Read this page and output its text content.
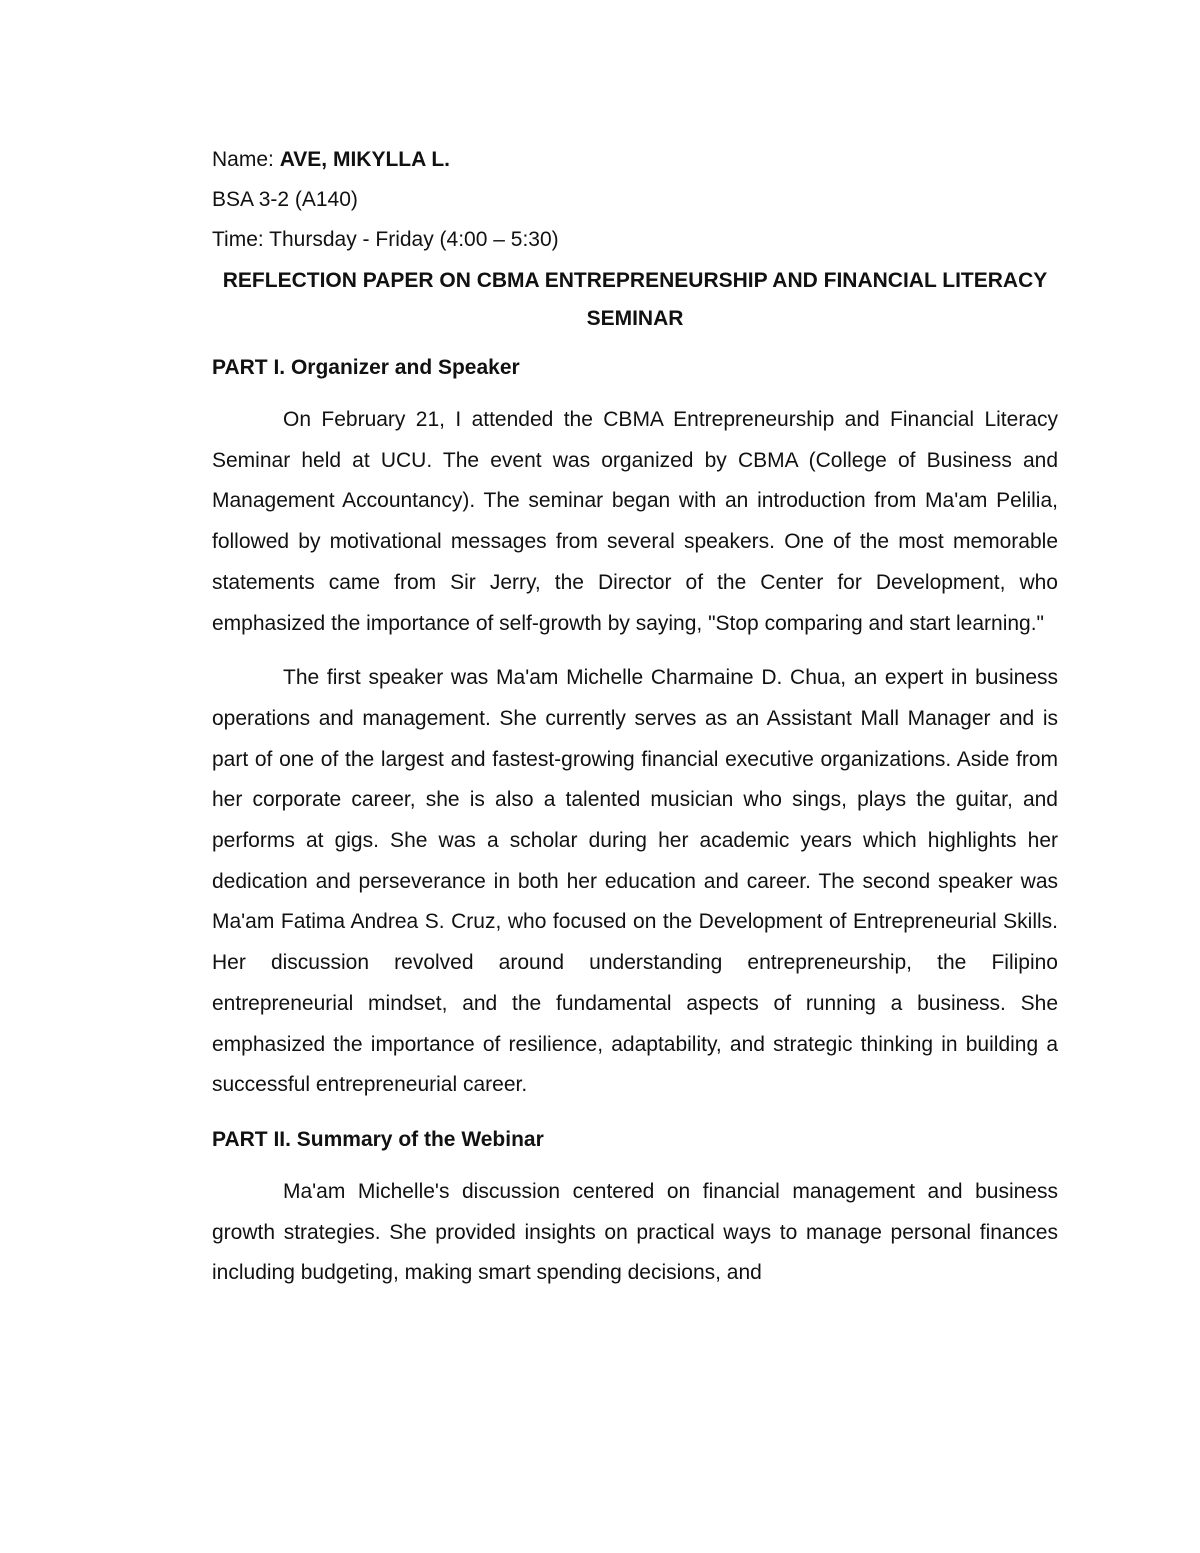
Name: AVE, MIKYLLA L.
BSA 3-2 (A140)
Time: Thursday - Friday (4:00 – 5:30)
REFLECTION PAPER ON CBMA ENTREPRENEURSHIP AND FINANCIAL LITERACY SEMINAR
PART I. Organizer and Speaker

On February 21, I attended the CBMA Entrepreneurship and Financial Literacy Seminar held at UCU. The event was organized by CBMA (College of Business and Management Accountancy). The seminar began with an introduction from Ma'am Pelilia, followed by motivational messages from several speakers. One of the most memorable statements came from Sir Jerry, the Director of the Center for Development, who emphasized the importance of self-growth by saying, "Stop comparing and start learning."

The first speaker was Ma'am Michelle Charmaine D. Chua, an expert in business operations and management. She currently serves as an Assistant Mall Manager and is part of one of the largest and fastest-growing financial executive organizations. Aside from her corporate career, she is also a talented musician who sings, plays the guitar, and performs at gigs. She was a scholar during her academic years which highlights her dedication and perseverance in both her education and career. The second speaker was Ma'am Fatima Andrea S. Cruz, who focused on the Development of Entrepreneurial Skills. Her discussion revolved around understanding entrepreneurship, the Filipino entrepreneurial mindset, and the fundamental aspects of running a business. She emphasized the importance of resilience, adaptability, and strategic thinking in building a successful entrepreneurial career.

PART II. Summary of the Webinar

Ma'am Michelle's discussion centered on financial management and business growth strategies. She provided insights on practical ways to manage personal finances including budgeting, making smart spending decisions, and
